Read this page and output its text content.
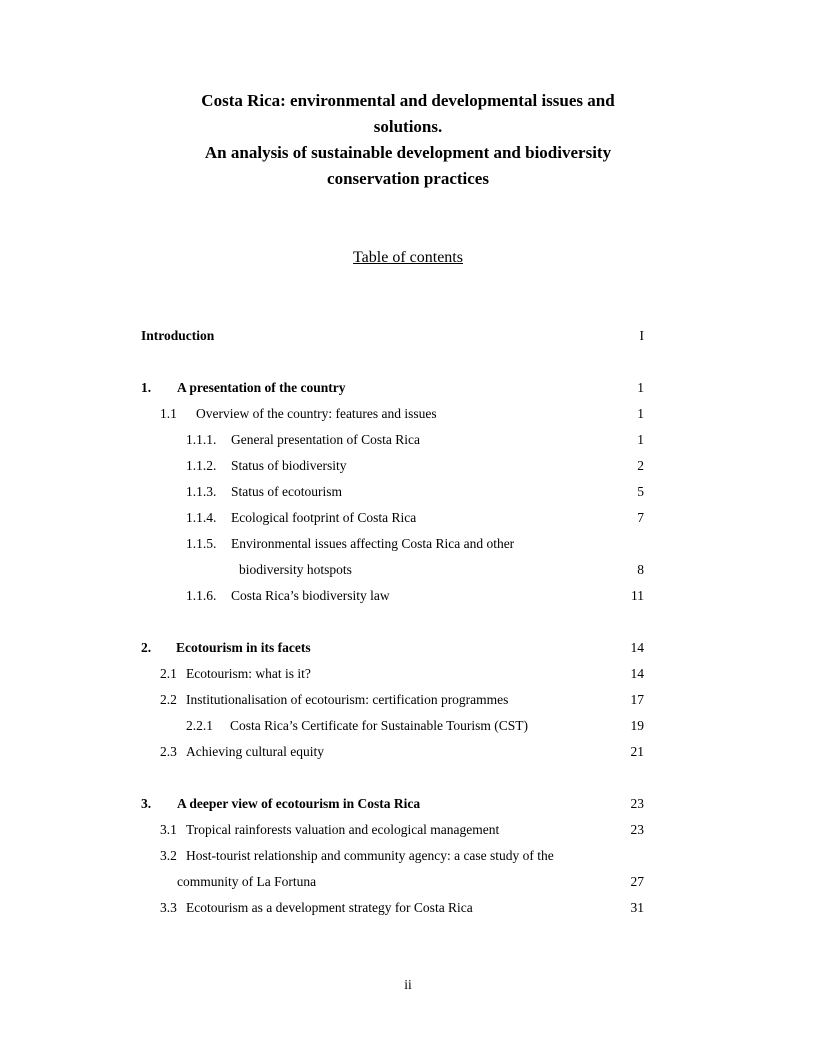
Costa Rica: environmental and developmental issues and
solutions.
An analysis of sustainable development and biodiversity
conservation practices
Table of contents
Introduction	I
1. A presentation of the country	1
1.1 Overview of the country: features and issues	1
1.1.1. General presentation of Costa Rica	1
1.1.2. Status of biodiversity	2
1.1.3. Status of ecotourism	5
1.1.4. Ecological footprint of Costa Rica	7
1.1.5. Environmental issues affecting Costa Rica and other
biodiversity hotspots	8
1.1.6. Costa Rica’s biodiversity law	11
2. Ecotourism in its facets	14
2.1 Ecotourism: what is it?	14
2.2 Institutionalisation of ecotourism: certification programmes	17
2.2.1 Costa Rica’s Certificate for Sustainable Tourism (CST)	19
2.3 Achieving cultural equity	21
3. A deeper view of ecotourism in Costa Rica	23
3.1 Tropical rainforests valuation and ecological management	23
3.2 Host-tourist relationship and community agency: a case study of the
community of La Fortuna	27
3.3 Ecotourism as a development strategy for Costa Rica	31
ii
